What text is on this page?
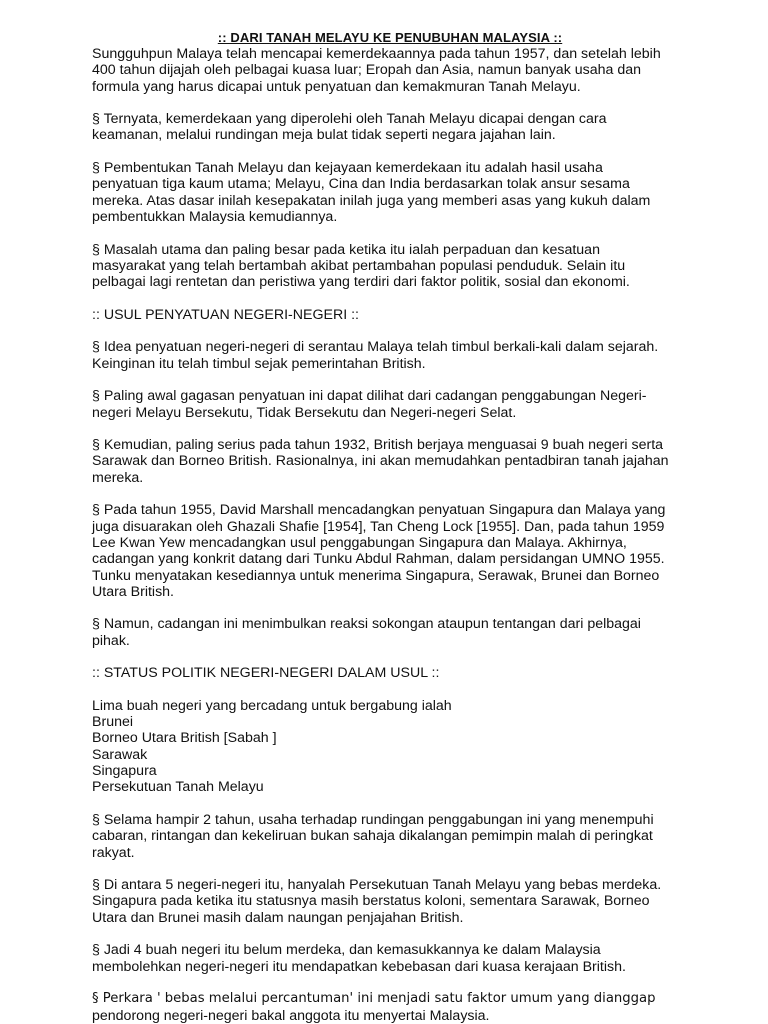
:: DARI TANAH MELAYU KE PENUBUHAN MALAYSIA ::
Sungguhpun Malaya telah mencapai kemerdekaannya pada tahun 1957, dan setelah lebih
400 tahun dijajah oleh pelbagai kuasa luar; Eropah dan Asia, namun banyak usaha dan
formula yang harus dicapai untuk penyatuan dan kemakmuran Tanah Melayu.
§ Ternyata, kemerdekaan yang diperolehi oleh Tanah Melayu dicapai dengan cara
keamanan, melalui rundingan meja bulat tidak seperti negara jajahan lain.
§ Pembentukan Tanah Melayu dan kejayaan kemerdekaan itu adalah hasil usaha
penyatuan tiga kaum utama; Melayu, Cina dan India berdasarkan tolak ansur sesama
mereka. Atas dasar inilah kesepakatan inilah juga yang memberi asas yang kukuh dalam
pembentukkan Malaysia kemudiannya.
§ Masalah utama dan paling besar pada ketika itu ialah perpaduan dan kesatuan
masyarakat yang telah bertambah akibat pertambahan populasi penduduk. Selain itu
pelbagai lagi rentetan dan peristiwa yang terdiri dari faktor politik, sosial dan ekonomi.
:: USUL PENYATUAN NEGERI-NEGERI ::
§ Idea penyatuan negeri-negeri di serantau Malaya telah timbul berkali-kali dalam sejarah.
Keinginan itu telah timbul sejak pemerintahan British.
§ Paling awal gagasan penyatuan ini dapat dilihat dari cadangan penggabungan Negeri-
negeri Melayu Bersekutu, Tidak Bersekutu dan Negeri-negeri Selat.
§ Kemudian, paling serius pada tahun 1932, British berjaya menguasai 9 buah negeri serta
Sarawak dan Borneo British. Rasionalnya, ini akan memudahkan pentadbiran tanah jajahan
mereka.
§ Pada tahun 1955, David Marshall mencadangkan penyatuan Singapura dan Malaya yang
juga disuarakan oleh Ghazali Shafie [1954], Tan Cheng Lock [1955]. Dan, pada tahun 1959
Lee Kwan Yew mencadangkan usul penggabungan Singapura dan Malaya. Akhirnya,
cadangan yang konkrit datang dari Tunku Abdul Rahman, dalam persidangan UMNO 1955.
Tunku menyatakan kesediannya untuk menerima Singapura, Serawak, Brunei dan Borneo
Utara British.
§ Namun, cadangan ini menimbulkan reaksi sokongan ataupun tentangan dari pelbagai
pihak.
:: STATUS POLITIK NEGERI-NEGERI DALAM USUL ::
Lima buah negeri yang bercadang untuk bergabung ialah
Brunei
Borneo Utara British [Sabah ]
Sarawak
Singapura
Persekutuan Tanah Melayu
§ Selama hampir 2 tahun, usaha terhadap rundingan penggabungan ini yang menempuhi
cabaran, rintangan dan kekeliruan bukan sahaja dikalangan pemimpin malah di peringkat
rakyat.
§ Di antara 5 negeri-negeri itu, hanyalah Persekutuan Tanah Melayu yang bebas merdeka.
Singapura pada ketika itu statusnya masih berstatus koloni, sementara Sarawak, Borneo
Utara dan Brunei masih dalam naungan penjajahan British.
§ Jadi 4 buah negeri itu belum merdeka, dan kemasukkannya ke dalam Malaysia
membolehkan negeri-negeri itu mendapatkan kebebasan dari kuasa kerajaan British.
§ Perkara ' bebas melalui percantuman' ini menjadi satu faktor umum yang dianggap
pendorong negeri-negeri bakal anggota itu menyertai Malaysia.
